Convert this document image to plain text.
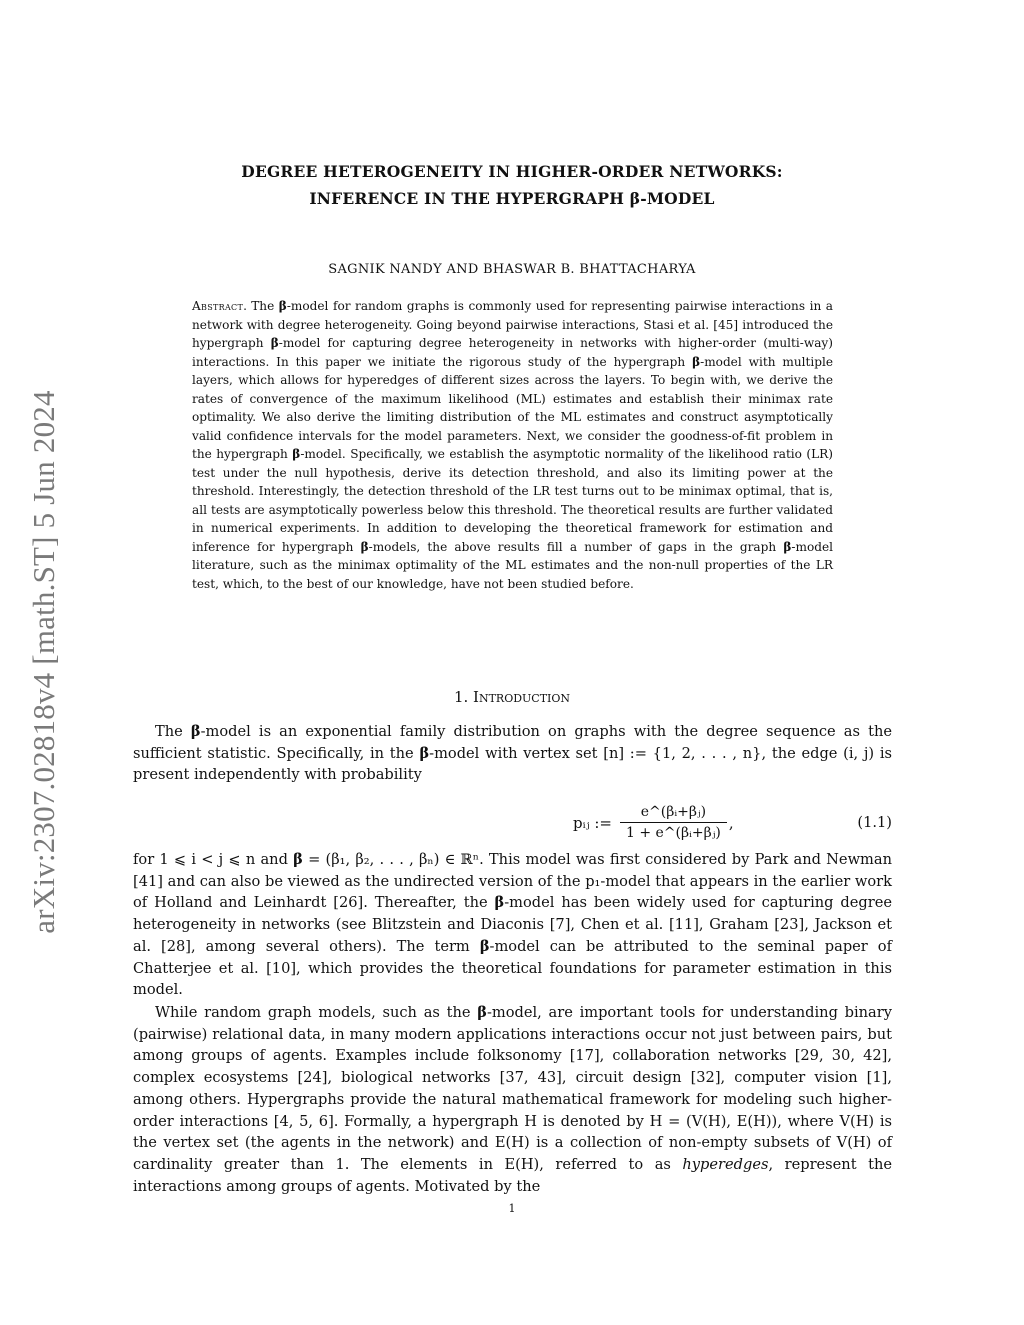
arXiv:2307.02818v4 [math.ST] 5 Jun 2024
DEGREE HETEROGENEITY IN HIGHER-ORDER NETWORKS:
INFERENCE IN THE HYPERGRAPH β-MODEL
SAGNIK NANDY AND BHASWAR B. BHATTACHARYA

Abstract. The β-model for random graphs is commonly used for representing pairwise interactions in a network with degree heterogeneity. Going beyond pairwise interactions, Stasi et al. [45] introduced the hypergraph β-model for capturing degree heterogeneity in networks with higher-order (multi-way) interactions. In this paper we initiate the rigorous study of the hypergraph β-model with multiple layers, which allows for hyperedges of different sizes across the layers. To begin with, we derive the rates of convergence of the maximum likelihood (ML) estimates and establish their minimax rate optimality. We also derive the limiting distribution of the ML estimates and construct asymptotically valid confidence intervals for the model parameters. Next, we consider the goodness-of-fit problem in the hypergraph β-model. Specifically, we establish the asymptotic normality of the likelihood ratio (LR) test under the null hypothesis, derive its detection threshold, and also its limiting power at the threshold. Interestingly, the detection threshold of the LR test turns out to be minimax optimal, that is, all tests are asymptotically powerless below this threshold. The theoretical results are further validated in numerical experiments. In addition to developing the theoretical framework for estimation and inference for hypergraph β-models, the above results fill a number of gaps in the graph β-model literature, such as the minimax optimality of the ML estimates and the non-null properties of the LR test, which, to the best of our knowledge, have not been studied before.

1. Introduction

The β-model is an exponential family distribution on graphs with the degree sequence as the sufficient statistic. Specifically, in the β-model with vertex set [n] := {1, 2, . . . , n}, the edge (i, j) is present independently with probability

pᵢⱼ := $\frac{\text{e\textasciicircum{}(βᵢ+βⱼ)}}{\text{1 + e\textasciicircum{}(βᵢ+βⱼ)}}$ ,	(1.1)

for 1 ⩽ i < j ⩽ n and β = (β₁, β₂, . . . , βₙ) ∈ ℝⁿ. This model was first considered by Park and Newman [41] and can also be viewed as the undirected version of the p₁-model that appears in the earlier work of Holland and Leinhardt [26]. Thereafter, the β-model has been widely used for capturing degree heterogeneity in networks (see Blitzstein and Diaconis [7], Chen et al. [11], Graham [23], Jackson et al. [28], among several others). The term β-model can be attributed to the seminal paper of Chatterjee et al. [10], which provides the theoretical foundations for parameter estimation in this model.

While random graph models, such as the β-model, are important tools for understanding binary (pairwise) relational data, in many modern applications interactions occur not just between pairs, but among groups of agents. Examples include folksonomy [17], collaboration networks [29, 30, 42], complex ecosystems [24], biological networks [37, 43], circuit design [32], computer vision [1], among others. Hypergraphs provide the natural mathematical framework for modeling such higher-order interactions [4, 5, 6]. Formally, a hypergraph H is denoted by H = (V(H), E(H)), where V(H) is the vertex set (the agents in the network) and E(H) is a collection of non-empty subsets of V(H) of cardinality greater than 1. The elements in E(H), referred to as hyperedges, represent the interactions among groups of agents. Motivated by the

1
